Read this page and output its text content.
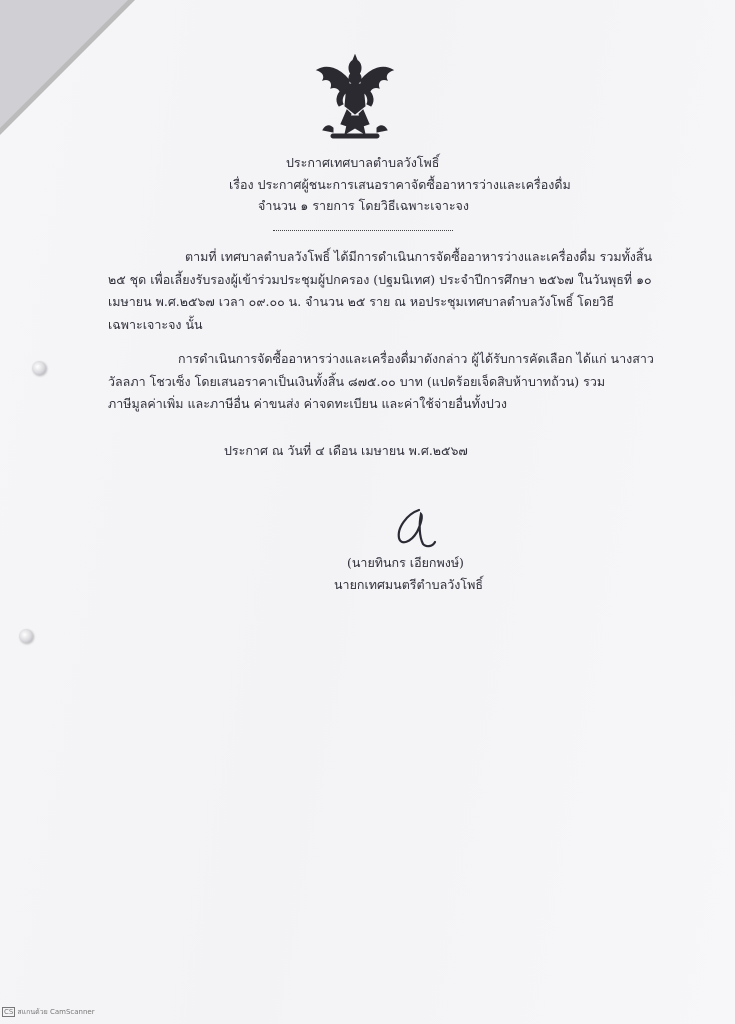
ประกาศเทศบาลตำบลวังโพธิ์
เรื่อง ประกาศผู้ชนะการเสนอราคาจัดซื้ออาหารว่างและเครื่องดื่ม
จำนวน ๑ รายการ โดยวิธีเฉพาะเจาะจง
ตามที่ เทศบาลตำบลวังโพธิ์ ได้มีการดำเนินการจัดซื้ออาหารว่างและเครื่องดื่ม รวมทั้งสิ้น
๒๕ ชุด เพื่อเลี้ยงรับรองผู้เข้าร่วมประชุมผู้ปกครอง (ปฐมนิเทศ) ประจำปีการศึกษา ๒๕๖๗ ในวันพุธที่ ๑๐
เมษายน พ.ศ.๒๕๖๗ เวลา ๐๙.๐๐ น. จำนวน ๒๕ ราย ณ หอประชุมเทศบาลตำบลวังโพธิ์ โดยวิธี
เฉพาะเจาะจง นั้น
การดำเนินการจัดซื้ออาหารว่างและเครื่องดื่มาดังกล่าว ผู้ได้รับการคัดเลือก ได้แก่ นางสาว
วัลลภา โชวเซ็ง โดยเสนอราคาเป็นเงินทั้งสิ้น ๘๗๕.๐๐ บาท (แปดร้อยเจ็ดสิบห้าบาทถ้วน) รวม
ภาษีมูลค่าเพิ่ม และภาษีอื่น ค่าขนส่ง ค่าจดทะเบียน และค่าใช้จ่ายอื่นทั้งปวง
ประกาศ ณ วันที่ ๔ เดือน เมษายน พ.ศ.๒๕๖๗
(นายทินกร เอียกพงษ์)
นายกเทศมนตรีตำบลวังโพธิ์
CS สแกนด้วย CamScanner
